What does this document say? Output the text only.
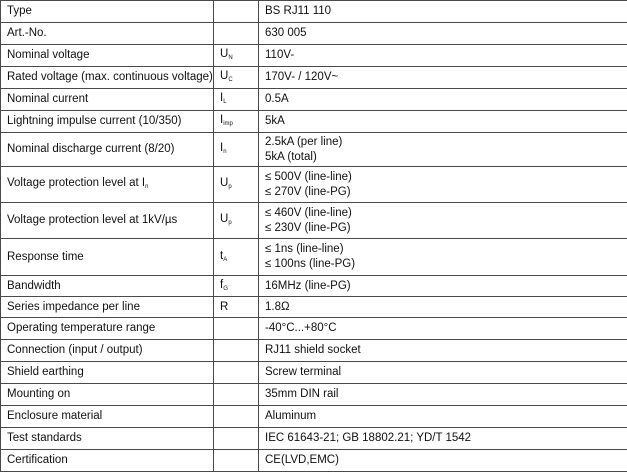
Type		BS RJ11 110
Art.-No.		630 005
Nominal voltage	UN	110V-
Rated voltage (max. continuous voltage)	UC	170V- / 120V~
Nominal current	IL	0.5A
Lightning impulse current (10/350)	Iimp	5kA
Nominal discharge current (8/20)	In	2.5kA (per line)
5kA (total)

Voltage protection level at In	Up	≤ 500V (line-line)
≤ 270V (line-PG)

Voltage protection level at 1kV/µs	Up	≤ 460V (line-line)
≤ 230V (line-PG)

Response time	tA	≤ 1ns (line-line)
≤ 100ns (line-PG)

Bandwidth	fG	16MHz (line-PG)
Series impedance per line	R	1.8Ω
Operating temperature range		-40°C...+80°C
Connection (input / output)		RJ11 shield socket
Shield earthing		Screw terminal
Mounting on		35mm DIN rail
Enclosure material		Aluminum
Test standards		IEC 61643-21; GB 18802.21; YD/T 1542
Certification		CE(LVD,EMC)
